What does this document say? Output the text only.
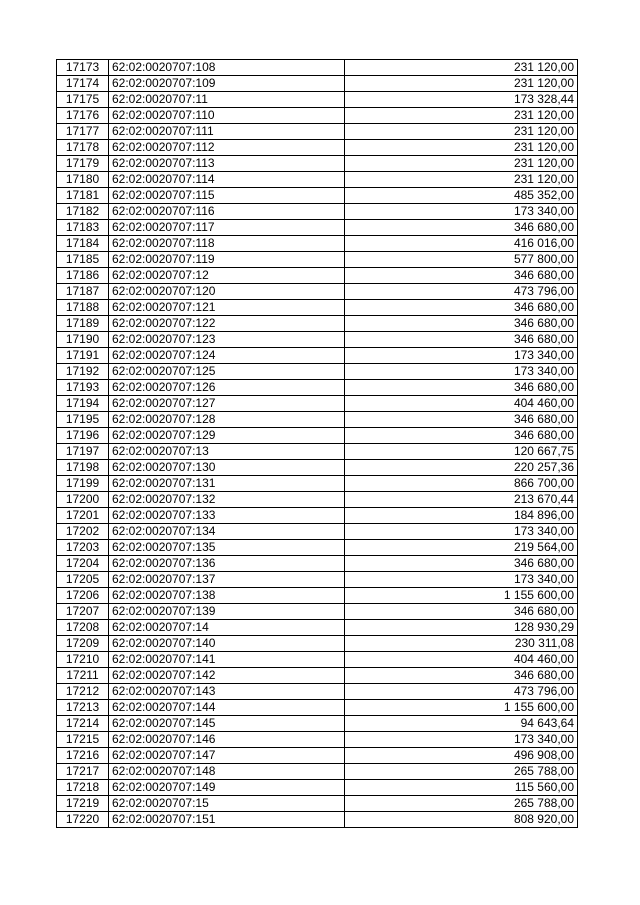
17173	62:02:0020707:108	231 120,00
17174	62:02:0020707:109	231 120,00
17175	62:02:0020707:11	173 328,44
17176	62:02:0020707:110	231 120,00
17177	62:02:0020707:111	231 120,00
17178	62:02:0020707:112	231 120,00
17179	62:02:0020707:113	231 120,00
17180	62:02:0020707:114	231 120,00
17181	62:02:0020707:115	485 352,00
17182	62:02:0020707:116	173 340,00
17183	62:02:0020707:117	346 680,00
17184	62:02:0020707:118	416 016,00
17185	62:02:0020707:119	577 800,00
17186	62:02:0020707:12	346 680,00
17187	62:02:0020707:120	473 796,00
17188	62:02:0020707:121	346 680,00
17189	62:02:0020707:122	346 680,00
17190	62:02:0020707:123	346 680,00
17191	62:02:0020707:124	173 340,00
17192	62:02:0020707:125	173 340,00
17193	62:02:0020707:126	346 680,00
17194	62:02:0020707:127	404 460,00
17195	62:02:0020707:128	346 680,00
17196	62:02:0020707:129	346 680,00
17197	62:02:0020707:13	120 667,75
17198	62:02:0020707:130	220 257,36
17199	62:02:0020707:131	866 700,00
17200	62:02:0020707:132	213 670,44
17201	62:02:0020707:133	184 896,00
17202	62:02:0020707:134	173 340,00
17203	62:02:0020707:135	219 564,00
17204	62:02:0020707:136	346 680,00
17205	62:02:0020707:137	173 340,00
17206	62:02:0020707:138	1 155 600,00
17207	62:02:0020707:139	346 680,00
17208	62:02:0020707:14	128 930,29
17209	62:02:0020707:140	230 311,08
17210	62:02:0020707:141	404 460,00
17211	62:02:0020707:142	346 680,00
17212	62:02:0020707:143	473 796,00
17213	62:02:0020707:144	1 155 600,00
17214	62:02:0020707:145	94 643,64
17215	62:02:0020707:146	173 340,00
17216	62:02:0020707:147	496 908,00
17217	62:02:0020707:148	265 788,00
17218	62:02:0020707:149	115 560,00
17219	62:02:0020707:15	265 788,00
17220	62:02:0020707:151	808 920,00
